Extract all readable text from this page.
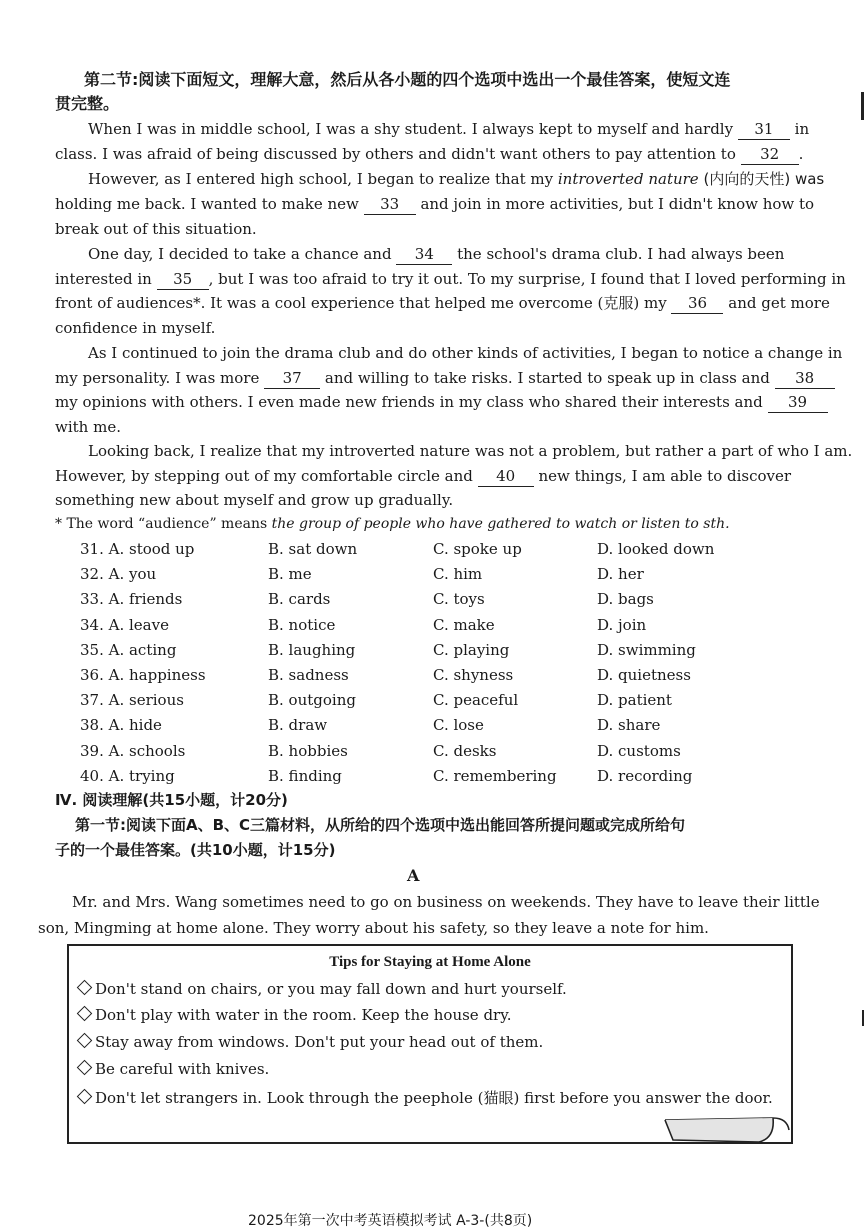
第二节:阅读下面短文，理解大意，然后从各小题的四个选项中选出一个最佳答案，使短文连
贯完整。
When I was in middle school, I was a shy student. I always kept to myself and hardly 31 in
class. I was afraid of being discussed by others and didn't want others to pay attention to 32 .
However, as I entered high school, I began to realize that my introverted nature (内向的天性) was
holding me back. I wanted to make new 33 and join in more activities, but I didn't know how to
break out of this situation.
One day, I decided to take a chance and 34 the school's drama club. I had always been
interested in 35 , but I was too afraid to try it out. To my surprise, I found that I loved performing in
front of audiences*. It was a cool experience that helped me overcome (克服) my 36 and get more
confidence in myself.
As I continued to join the drama club and do other kinds of activities, I began to notice a change in
my personality. I was more 37 and willing to take risks. I started to speak up in class and 38
my opinions with others. I even made new friends in my class who shared their interests and 39
with me.
Looking back, I realize that my introverted nature was not a problem, but rather a part of who I am.
However, by stepping out of my comfortable circle and 40 new things, I am able to discover
something new about myself and grow up gradually.
* The word “audience” means the group of people who have gathered to watch or listen to sth.
31. A. stood up	B. sat down	C. spoke up	D. looked down
32. A. you	B. me	C. him	D. her
33. A. friends	B. cards	C. toys	D. bags
34. A. leave	B. notice	C. make	D. join
35. A. acting	B. laughing	C. playing	D. swimming
36. A. happiness	B. sadness	C. shyness	D. quietness
37. A. serious	B. outgoing	C. peaceful	D. patient
38. A. hide	B. draw	C. lose	D. share
39. A. schools	B. hobbies	C. desks	D. customs
40. A. trying	B. finding	C. remembering	D. recording
Ⅳ. 阅读理解(共15小题，计20分)
第一节:阅读下面A、B、C三篇材料，从所给的四个选项中选出能回答所提问题或完成所给句
子的一个最佳答案。(共10小题，计15分)
A
Mr. and Mrs. Wang sometimes need to go on business on weekends. They have to leave their little
son, Mingming at home alone. They worry about his safety, so they leave a note for him.
Tips for Staying at Home Alone
Don't stand on chairs, or you may fall down and hurt yourself.
Don't play with water in the room. Keep the house dry.
Stay away from windows. Don't put your head out of them.
Be careful with knives.
Don't let strangers in. Look through the peephole (猫眼) first before you answer the door.
2025年第一次中考英语模拟考试 A-3-(共8页)
